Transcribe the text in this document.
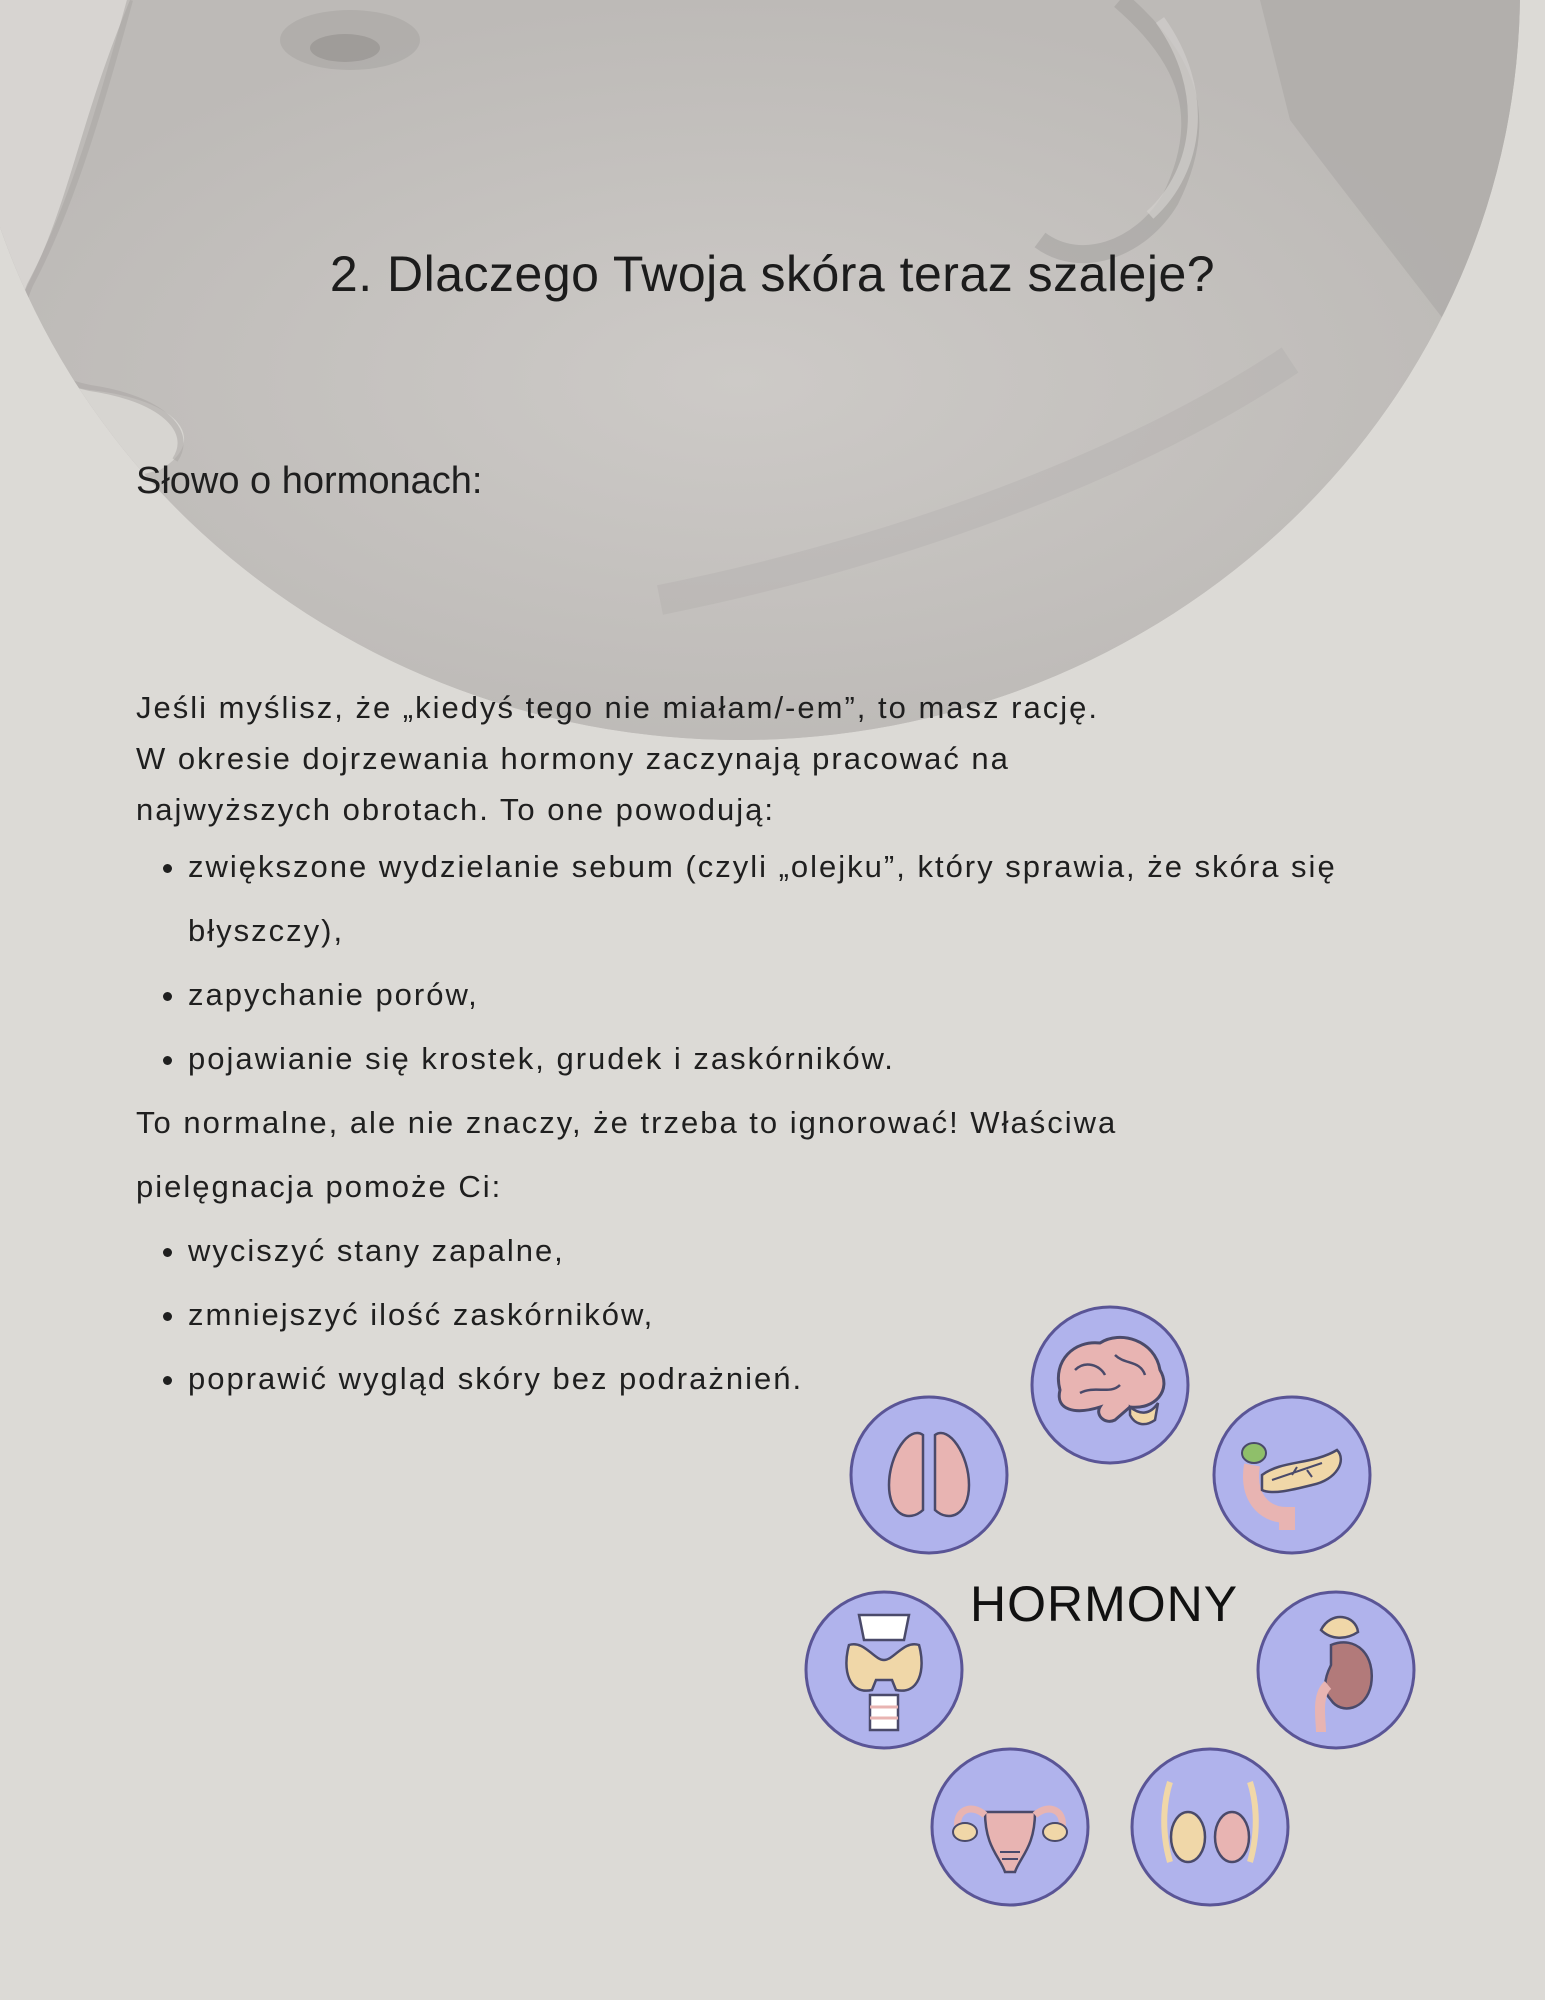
2. Dlaczego Twoja skóra teraz szaleje?
Słowo o hormonach:

Jeśli myślisz, że „kiedyś tego nie miałam/-em”, to masz rację.

W okresie dojrzewania hormony zaczynają pracować na

najwyższych obrotach. To one powodują:

• zwiększone wydzielanie sebum (czyli „olejku”, który sprawia, że skóra się błyszczy),
• zapychanie porów,
• pojawianie się krostek, grudek i zaskórników.

To normalne, ale nie znaczy, że trzeba to ignorować! Właściwa pielęgnacja pomoże Ci:

• wyciszyć stany zapalne,
• zmniejszyć ilość zaskórników,
• poprawić wygląd skóry bez podrażnień.
HORMONY
